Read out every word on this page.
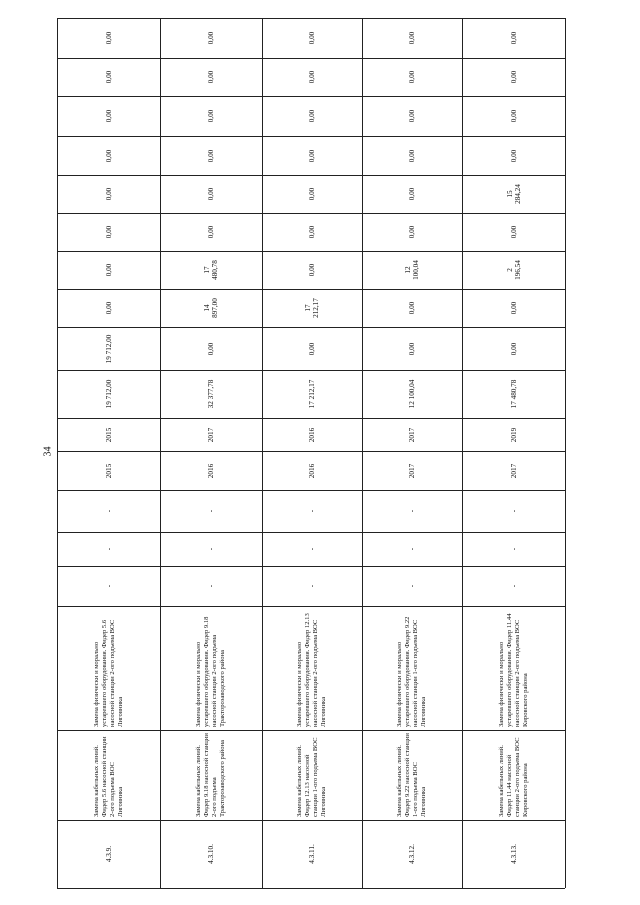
34
0,00
0,00
0,00
0,00
0,00
0,00
0,00
0,00
19 712,00
19 712,00
2015
2015
-
-
-
Замена физически и морально устаревшего оборудования. Фидер 5.6 насосной станции 2-ого подъема ВОС Лиговника
Замена кабельных линий. Фидер 5.6 насосной станции 2-ого подъема ВОС Лиговника
4.3.9.
0,00
0,00
0,00
0,00
0,00
0,00
17
480,78
14
897,00
0,00
32 377,78
2017
2016
-
-
-
Замена физически и морально устаревшего оборудования. Фидер 9.18 насосной станции 2-ого подъема Тракторозаводского района
Замена кабельных линий. Фидер 9.18 насосной станции 2-ого подъема Тракторозаводского района
4.3.10.
0,00
0,00
0,00
0,00
0,00
0,00
0,00
17
212,17
0,00
17 212,17
2016
2016
-
-
-
Замена физически и морально устаревшего оборудования. Фидер 12.13 насосной станции 2-ого подъема ВОС Лиговника
Замена кабельных линий. Фидер 12.13 насосной станции 1-ого подъема ВОС Лиговника
4.3.11.
0,00
0,00
0,00
0,00
0,00
0,00
12
100,04
0,00
0,00
12 100,04
2017
2017
-
-
-
Замена физически и морально устаревшего оборудования. Фидер 9.22 насосной станции 1-ого подъема ВОС Лиговника
Замена кабельных линий. Фидер 9.22 насосной станции 1-ого подъема ВОС Лиговника
4.3.12.
0,00
0,00
0,00
0,00
15
284,24
0,00
2
196,54
0,00
0,00
17 480,78
2019
2017
-
-
-
Замена физически и морально устаревшего оборудования. Фидер 11.44 насосной станции 2-ого подъема ВОС Кировского района
Замена кабельных линий. Фидер 11.44 насосной станции 2-ого подъема ВОС Кировского района
4.3.13.
